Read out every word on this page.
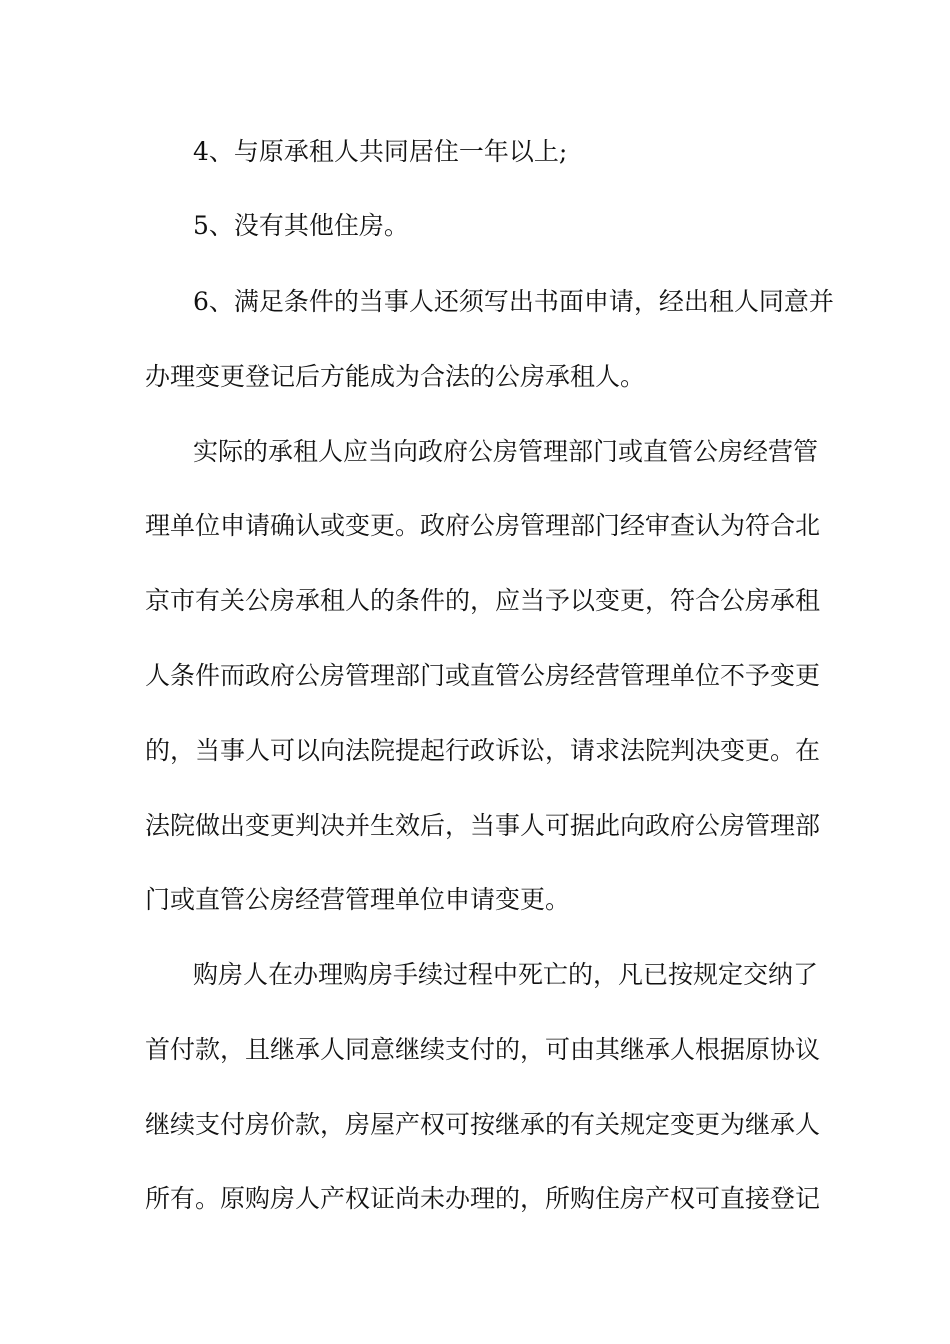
4、与原承租人共同居住一年以上;
5、没有其他住房。
6、满足条件的当事人还须写出书面申请，经出租人同意并
办理变更登记后方能成为合法的公房承租人。
实际的承租人应当向政府公房管理部门或直管公房经营管
理单位申请确认或变更。政府公房管理部门经审查认为符合北
京市有关公房承租人的条件的，应当予以变更，符合公房承租
人条件而政府公房管理部门或直管公房经营管理单位不予变更
的，当事人可以向法院提起行政诉讼，请求法院判决变更。在
法院做出变更判决并生效后，当事人可据此向政府公房管理部
门或直管公房经营管理单位申请变更。
购房人在办理购房手续过程中死亡的，凡已按规定交纳了
首付款，且继承人同意继续支付的，可由其继承人根据原协议
继续支付房价款，房屋产权可按继承的有关规定变更为继承人
所有。原购房人产权证尚未办理的，所购住房产权可直接登记
